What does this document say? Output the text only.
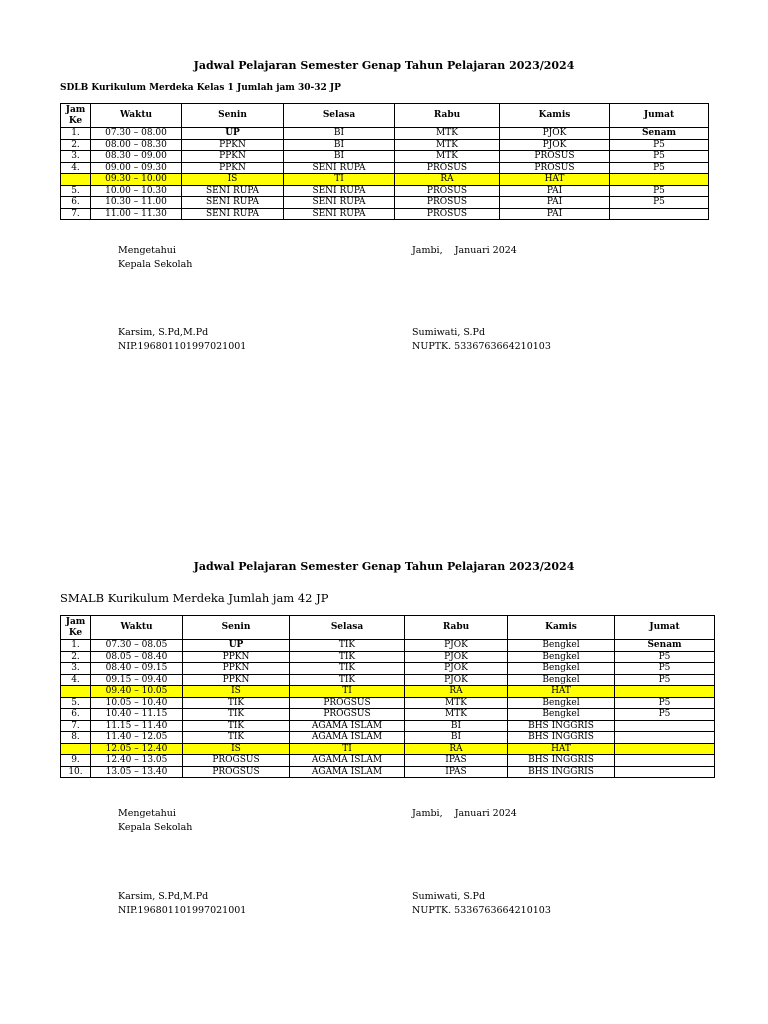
Jadwal Pelajaran Semester Genap Tahun Pelajaran 2023/2024
SDLB Kurikulum Merdeka Kelas 1 Jumlah jam 30-32 JP
Jam Ke	Waktu	Senin	Selasa	Rabu	Kamis	Jumat
1.	07.30 – 08.00	UP	BI	MTK	PJOK	Senam
2.	08.00 – 08.30	PPKN	BI	MTK	PJOK	P5
3.	08.30 – 09.00	PPKN	BI	MTK	PROSUS	P5
4.	09.00 – 09.30	PPKN	SENI RUPA	PROSUS	PROSUS	P5
	09.30 – 10.00	IS	TI	RA	HAT	
5.	10.00 – 10.30	SENI RUPA	SENI RUPA	PROSUS	PAI	P5
6.	10.30 – 11.00	SENI RUPA	SENI RUPA	PROSUS	PAI	P5
7.	11.00 – 11.30	SENI RUPA	SENI RUPA	PROSUS	PAI	
Mengetahui
Kepala Sekolah
Jambi,    Januari 2024
Karsim, S.Pd,M.Pd
NIP.196801101997021001
Sumiwati, S.Pd
NUPTK. 5336763664210103
Jadwal Pelajaran Semester Genap Tahun Pelajaran 2023/2024
SMALB Kurikulum Merdeka Jumlah jam 42 JP
Jam Ke	Waktu	Senin	Selasa	Rabu	Kamis	Jumat
1.	07.30 – 08.05	UP	TIK	PJOK	Bengkel	Senam
2.	08.05 – 08.40	PPKN	TIK	PJOK	Bengkel	P5
3.	08.40 – 09.15	PPKN	TIK	PJOK	Bengkel	P5
4.	09.15 – 09.40	PPKN	TIK	PJOK	Bengkel	P5
	09.40 – 10.05	IS	TI	RA	HAT	
5.	10.05 – 10.40	TIK	PROGSUS	MTK	Bengkel	P5
6.	10.40 – 11.15	TIK	PROGSUS	MTK	Bengkel	P5
7.	11.15 – 11.40	TIK	AGAMA ISLAM	BI	BHS INGGRIS	
8.	11.40 – 12.05	TIK	AGAMA ISLAM	BI	BHS INGGRIS	
	12.05 – 12.40	IS	TI	RA	HAT	
9.	12.40 – 13.05	PROGSUS	AGAMA ISLAM	IPAS	BHS INGGRIS	
10.	13.05 – 13.40	PROGSUS	AGAMA ISLAM	IPAS	BHS INGGRIS	
Mengetahui
Kepala Sekolah
Jambi,    Januari 2024
Karsim, S.Pd,M.Pd
NIP.196801101997021001
Sumiwati, S.Pd
NUPTK. 5336763664210103
